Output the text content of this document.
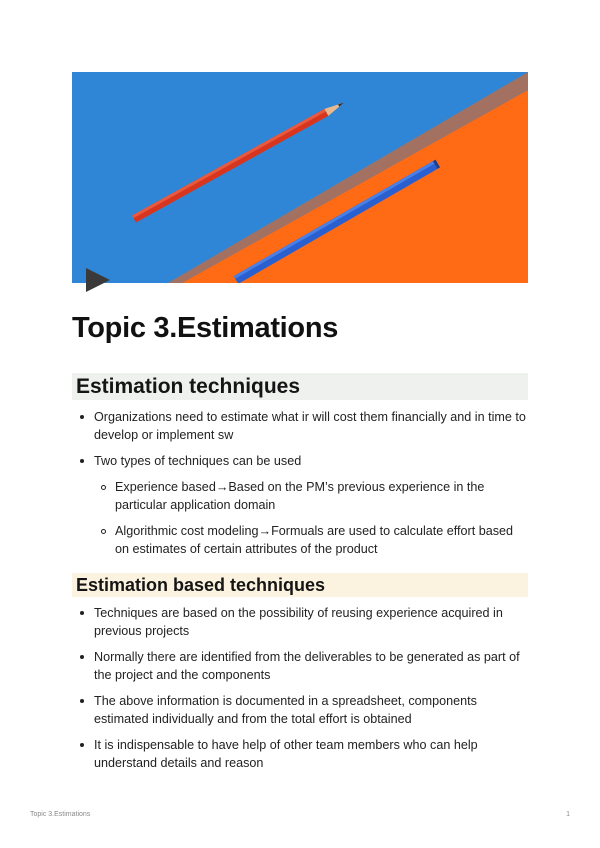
Topic 3.Estimations
Estimation techniques
Organizations need to estimate what ir will cost them financially and in time to develop or implement sw
Two types of techniques can be used
Experience based→Based on the PM’s previous experience in the particular application domain
Algorithmic cost modeling→Formuals are used to calculate effort based on estimates of certain attributes of the product
Estimation based techniques
Techniques are based on the possibility of reusing experience acquired in previous projects
Normally there are identified from the deliverables to be generated as part of the project and the components
The above information is documented in a spreadsheet, components estimated individually and from the total effort is obtained
It is indispensable to have help of other team members who can help understand details and reason
Topic 3.Estimations	1
